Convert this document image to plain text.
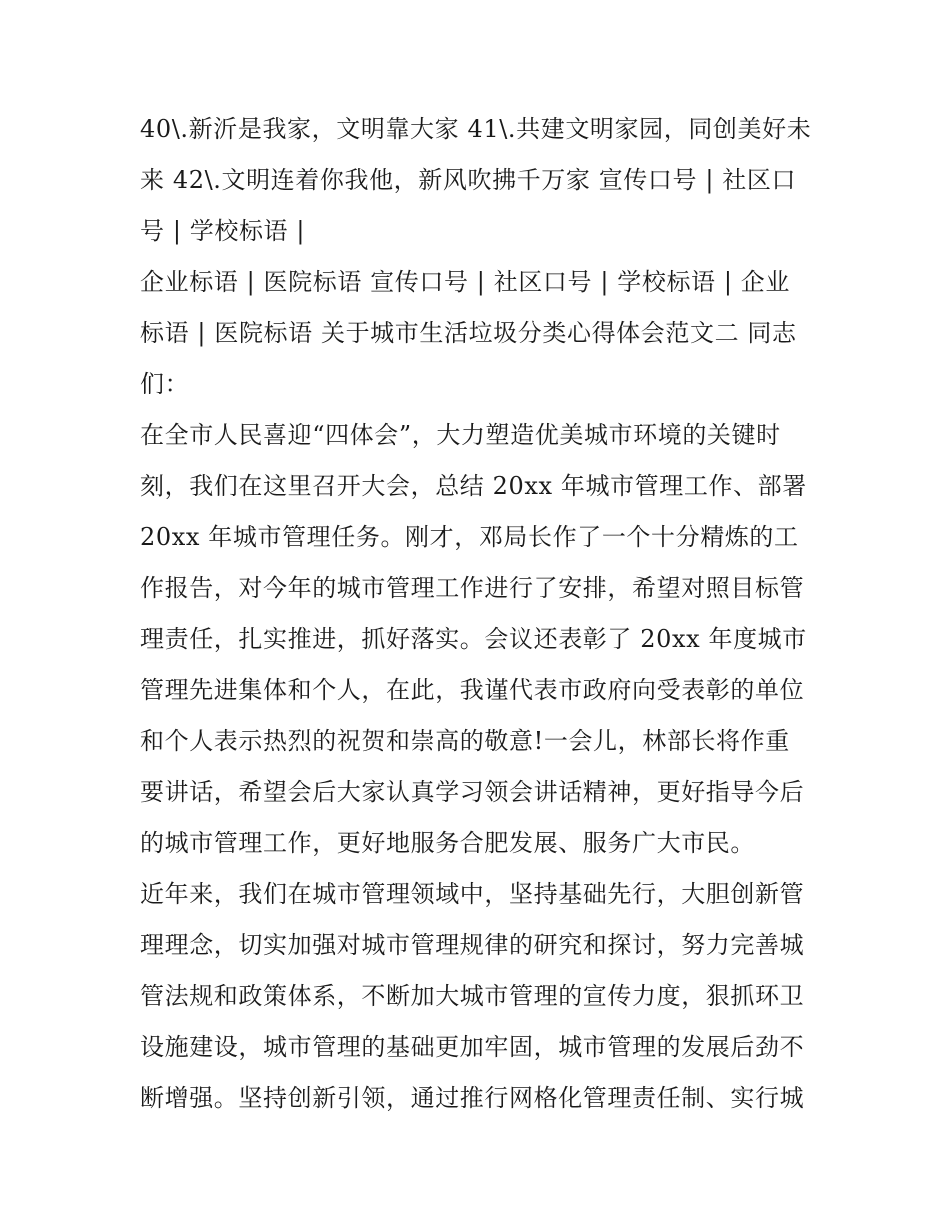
40\.新沂是我家，文明靠大家 41\.共建文明家园，同创美好未来 42\.文明连着你我他，新风吹拂千万家 宣传口号 | 社区口号 | 学校标语 |

企业标语 | 医院标语 宣传口号 | 社区口号 | 学校标语 | 企业标语 | 医院标语 关于城市生活垃圾分类心得体会范文二 同志们：

在全市人民喜迎“四体会”，大力塑造优美城市环境的关键时刻，我们在这里召开大会，总结 20xx 年城市管理工作、部署 20xx 年城市管理任务。刚才，邓局长作了一个十分精炼的工作报告，对今年的城市管理工作进行了安排，希望对照目标管理责任，扎实推进，抓好落实。会议还表彰了 20xx 年度城市管理先进集体和个人，在此，我谨代表市政府向受表彰的单位和个人表示热烈的祝贺和崇高的敬意!一会儿，林部长将作重要讲话，希望会后大家认真学习领会讲话精神，更好指导今后的城市管理工作，更好地服务合肥发展、服务广大市民。

近年来，我们在城市管理领域中，坚持基础先行，大胆创新管理理念，切实加强对城市管理规律的研究和探讨，努力完善城管法规和政策体系，不断加大城市管理的宣传力度，狠抓环卫设施建设，城市管理的基础更加牢固，城市管理的发展后劲不断增强。坚持创新引领，通过推行网格化管理责任制、实行城
